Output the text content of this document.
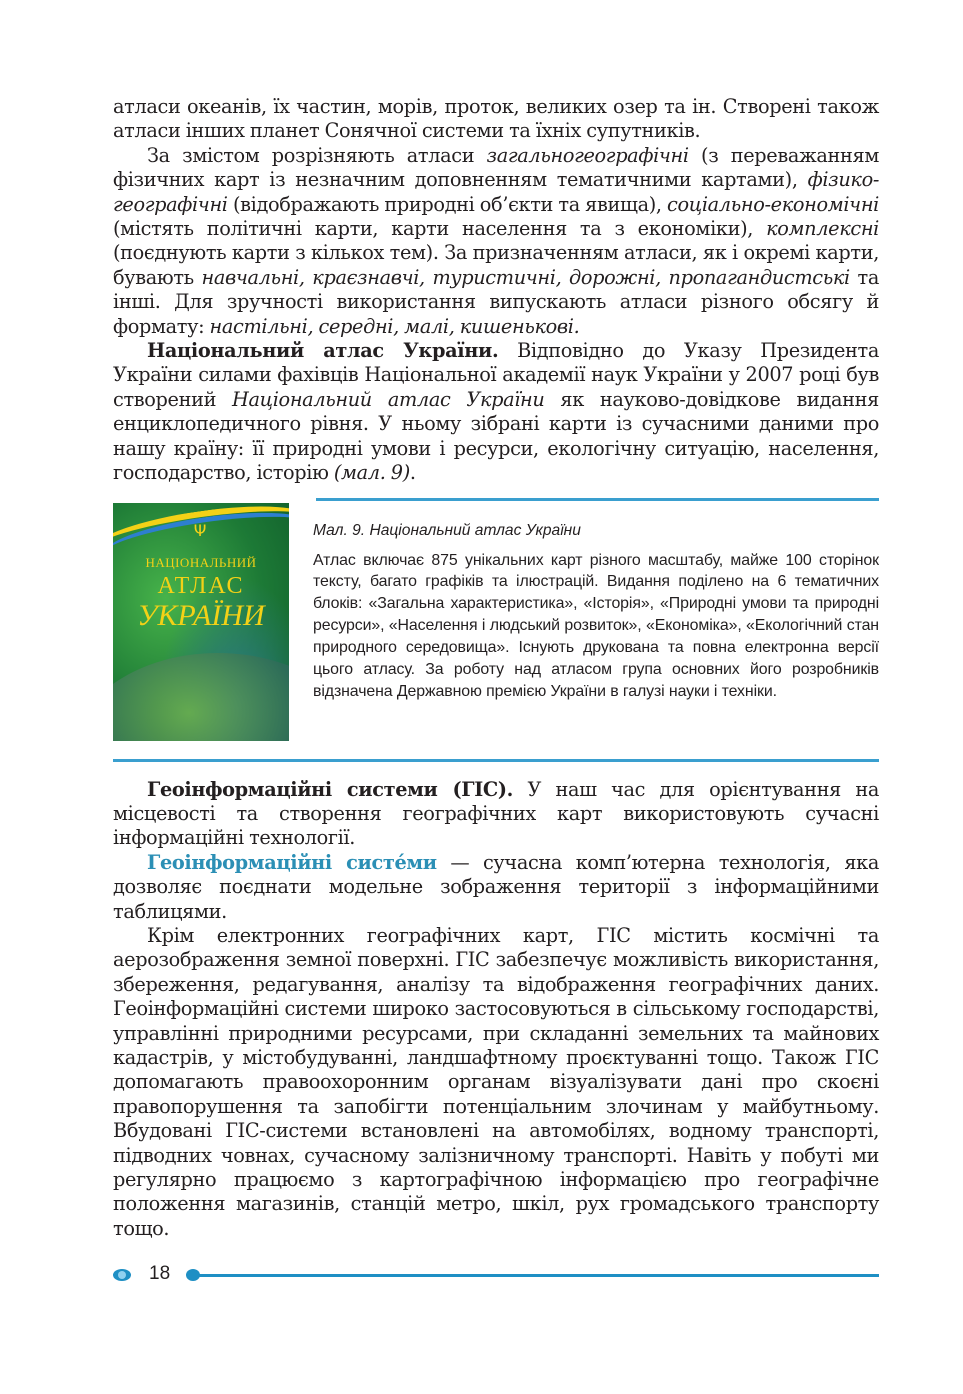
атласи океанів, їх частин, морів, проток, великих озер та ін. Створені також атласи інших планет Сонячної системи та їхніх супутників.

За змістом розрізняють атласи загальногеографічні (з переважанням фізичних карт із незначним доповненням тематичними картами), фізико-географічні (відображають природні об’єкти та явища), соціально-економічні (містять політичні карти, карти населення та з економіки), комплексні (поєднують карти з кількох тем). За призначенням атласи, як і окремі карти, бувають навчальні, краєзнавчі, туристичні, дорожні, пропагандистські та інші. Для зручності використання випускають атласи різного обсягу й формату: настільні, середні, малі, кишенькові.

Національний атлас України. Відповідно до Указу Президента України силами фахівців Національної академії наук України у 2007 році був створений Національний атлас України як науково-довідкове видання енциклопедичного рівня. У ньому зібрані карти із сучасними даними про нашу країну: її природні умови і ресурси, екологічну ситуацію, населення, господарство, історію (мал. 9).

Ψ
НАЦІОНАЛЬНИЙ
АТЛАС
УКРАЇНИ
Мал. 9. Національний атлас України

Атлас включає 875 унікальних карт різного масштабу, майже 100 сторінок тексту, багато графіків та ілюстрацій. Видання поділено на 6 тематичних блоків: «Загальна характеристика», «Історія», «Природні умови та природні ресурси», «Населення і людський розвиток», «Економіка», «Екологічний стан природного середовища». Існують друкована та повна електронна версії цього атласу. За роботу над атласом група основних його розробників відзначена Державною премією України в галузі науки і техніки.

Геоінформаційні системи (ГІС). У наш час для орієнтування на місцевості та створення географічних карт використовують сучасні інформаційні технології.

Геоінформаційні систе́ми — сучасна комп’ютерна технологія, яка дозволяє поєднати модельне зображення території з інформаційними таблицями.

Крім електронних географічних карт, ГІС містить космічні та аерозображення земної поверхні. ГІС забезпечує можливість використання, збереження, редагування, аналізу та відображення географічних даних. Геоінформаційні системи широко застосовуються в сільському господарстві, управлінні природними ресурсами, при складанні земельних та майнових кадастрів, у містобудуванні, ландшафтному проєктуванні тощо. Також ГІС допомагають правоохоронним органам візуалізувати дані про скоєні правопорушення та запобігти потенціальним злочинам у майбутньому. Вбудовані ГІС-системи встановлені на автомобілях, водному транспорті, підводних човнах, сучасному залізничному транспорті. Навіть у побуті ми регулярно працюємо з картографічною інформацією про географічне положення магазинів, станцій метро, шкіл, рух громадського транспорту тощо.

18
